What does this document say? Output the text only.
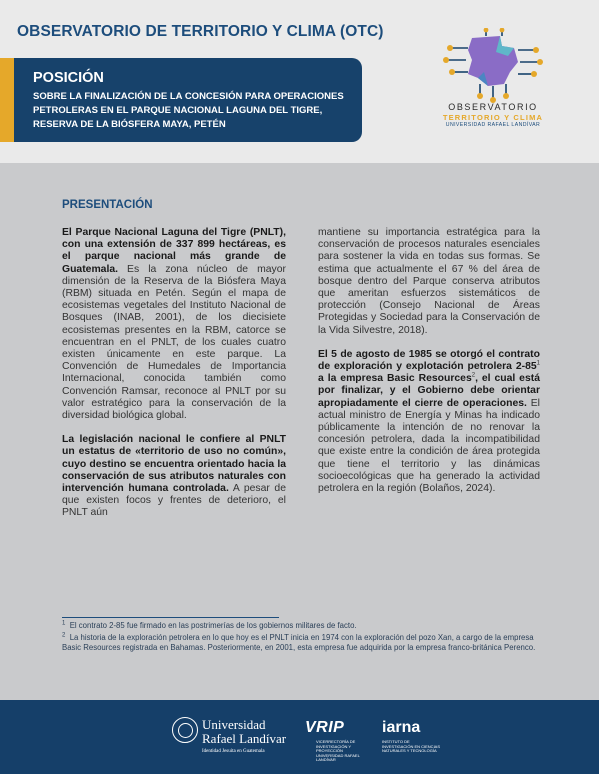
OBSERVATORIO DE TERRITORIO Y CLIMA (OTC)
POSICIÓN
SOBRE LA FINALIZACIÓN DE LA CONCESIÓN PARA OPERACIONES PETROLERAS EN EL PARQUE NACIONAL LAGUNA DEL TIGRE, RESERVA DE LA BIÓSFERA MAYA, PETÉN
OBSERVATORIO
TERRITORIO Y CLIMA
UNIVERSIDAD RAFAEL LANDÍVAR
PRESENTACIÓN

El Parque Nacional Laguna del Tigre (PNLT), con una extensión de 337 899 hectáreas, es el parque nacional más grande de Guatemala. Es la zona núcleo de mayor dimensión de la Reserva de la Biósfera Maya (RBM) situada en Petén. Según el mapa de ecosistemas vegetales del Instituto Nacional de Bosques (INAB, 2001), de los diecisiete ecosistemas presentes en la RBM, catorce se encuentran en el PNLT, de los cuales cuatro existen únicamente en este parque. La Convención de Humedales de Importancia Internacional, conocida también como Convención Ramsar, reconoce al PNLT por su valor estratégico para la conservación de la diversidad biológica global.

La legislación nacional le confiere al PNLT un estatus de «territorio de uso no común», cuyo destino se encuentra orientado hacia la conservación de sus atributos naturales con intervención humana controlada. A pesar de que existen focos y frentes de deterioro, el PNLT aún

mantiene su importancia estratégica para la conservación de procesos naturales esenciales para sostener la vida en todas sus formas. Se estima que actualmente el 67 % del área de bosque dentro del Parque conserva atributos que ameritan esfuerzos sistemáticos de protección (Consejo Nacional de Áreas Protegidas y Sociedad para la Conservación de la Vida Silvestre, 2018).

El 5 de agosto de 1985 se otorgó el contrato de exploración y explotación petrolera $2-85^1$ a la empresa Basic Resources$^2$, el cual está por finalizar, y el Gobierno debe orientar apropiadamente el cierre de operaciones. El actual ministro de Energía y Minas ha indicado públicamente la intención de no renovar la concesión petrolera, dada la incompatibilidad que existe entre la condición de área protegida que tiene el territorio y las dinámicas socioecológicas que ha generado la actividad petrolera en la región (Bolaños, 2024).

$^1$ El contrato 2-85 fue firmado en las postrimerías de los gobiernos militares de facto.

$^2$ La historia de la exploración petrolera en lo que hoy es el PNLT inicia en 1974 con la exploración del pozo Xan, a cargo de la empresa Basic Resources registrada en Bahamas. Posteriormente, en 2001, esta empresa fue adquirida por la empresa franco-británica Perenco.

Universidad
Rafael Landívar
Identidad Jesuita en Guatemala
VRIP
VICERRECTORÍA DE INVESTIGACIÓN Y PROYECCIÓN UNIVERSIDAD RAFAEL LANDÍVAR
iarna
INSTITUTO DE INVESTIGACIÓN EN CIENCIAS NATURALES Y TECNOLOGÍA
